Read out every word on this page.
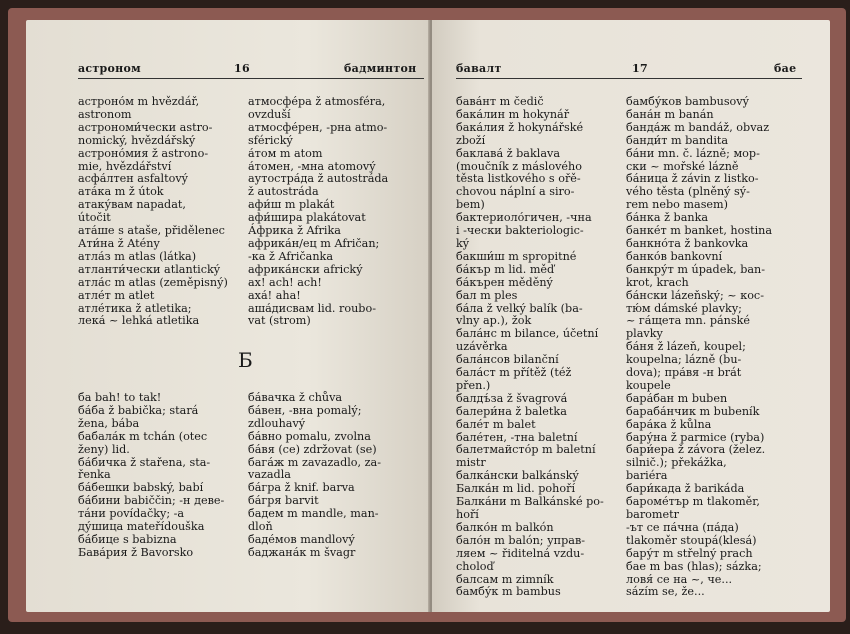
астроном	16	бадминтон
астроно́м m hvězdář,
astronom
астрономи́чески astro-
nomický, hvězdářský
астроно́мия ž astrono-
mie, hvězdářství
асфа́лтен asfaltový
ата́ка m ž útok
атаку́вам napadat,
útočit
ата́ше s ataše, přidělenec
Ати́на ž Atény
атла́з m atlas (látka)
атланти́чески atlantický
атла́с m atlas (zeměpisný)
атле́т m atlet
атле́тика ž atletika;
лека́ ~ lehká atletika
атмосфе́ра ž atmosféra,
ovzduší
атмосфе́рен, -рна atmo-
sférický
а́том m atom
а́томен, -мна atomový
аутостра́да ž autostráda
ž autostráda
афи́ш m plakát
афи́шира plakátovat
А́фрика ž Afrika
африка́н/ец m Afričan;
-ка ž Afričanka
африка́нски africký
ах! ach! ach!
аха́! aha!
аша́дисвам lid. roubo-
vat (strom)
Б
ба bah! to tak!
ба́ба ž babička; stará
žena, bába
бабала́к m tchán (otec
ženy) lid.
ба́бичка ž stařena, sta-
řenka
ба́бешки babský, babí
ба́бини babiččin; -н деве-
тáни povídačky; -а
ду́шица mateřídouška
ба́бице s babizna
Бава́рия ž Bavorsko
ба́вачка ž chůva
ба́вен, -вна pomalý;
zdlouhavý
ба́вно pomalu, zvolna
ба́вя (се) zdržovat (se)
бага́ж m zavazadlo, za-
vazadla
ба́гра ž knif. barva
ба́гря barvit
бадем m mandle, man-
dloň
баде́мов mandlový
баджана́к m švagr
бавалт	17	бае
бава́нт m čedič
бака́лин m hokynář
бака́лия ž hokynářské
zboží
баклава́ ž baklava
(moučník z máslového
těsta listkového s ořě-
chovou náplní a sirо-
bem)
бактериоло́гичен, -чна
i -чески bakteriologic-
ký
бакши́ш m spropitné
ба́кър m lid. měď
ба́кърен měděný
бал m ples
ба́ла ž velký balík (ba-
vlny ap.), žok
бала́нс m bilance, účetní
uzávěrka
бала́нсов bilanční
бала́ст m přítěž (též
přen.)
балдъ́за ž švagrová
балери́на ž baletka
бале́т m balet
бале́тен, -тна baletní
балетмайсто́р m baletní
mistr
балка́нски balkánský
Балка́н m lid. pohoří
Балка́ни m Balkánské po-
hoří
балко́н m balkón
бало́н m balón; управ-
ляем ~ řiditelná vzdu-
choloď
балсам m zimník
бамбу́к m bambus
бамбу́ков bambusový
бана́н m banán
банда́ж m bandáž, obvaz
банди́т m bandita
ба́ни mn. č. lázně; мор-
ски ~ mořské lázně
ба́ница ž závin z listko-
vého těsta (plněný sý-
rem nebo masem)
ба́нка ž banka
банке́т m banket, hostina
банкно́та ž bankovka
банко́в bankovní
банкру́т m úpadek, ban-
krot, krach
ба́нски lázeňský; ~ кос-
тю́м dámské plavky;
~ га́щета mn. pánské
plavky
ба́ня ž lázeň, koupel;
koupelna; lázně (bu-
dova); пра́вя -н brát
koupele
бара́бан m buben
бараба́нчик m bubeník
бара́ка ž kůlna
бару́на ž parmice (ryba)
бари́ера ž závora (želez.
silnič.); překážka,
bariéra
бари́када ž barikáda
бароме́тър m tlakoměr,
barometr
-ът се па́чна (па́да)
tlakoměr stoupá(klesá)
бару́т m střelný prach
бае m bas (hlas); sázka;
ловя́ се на ~, че...
sázím se, že...
